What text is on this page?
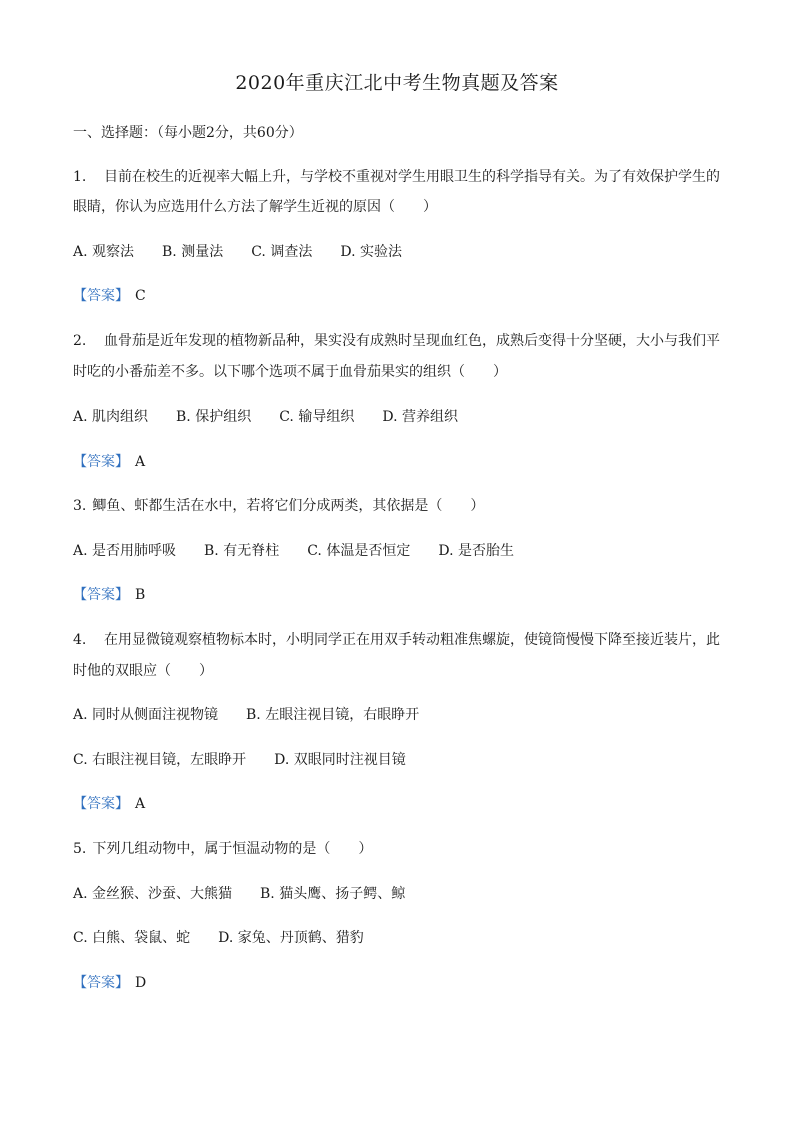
2020年重庆江北中考生物真题及答案
一、选择题：（每小题2分，共60分）
1. 目前在校生的近视率大幅上升，与学校不重视对学生用眼卫生的科学指导有关。为了有效保护学生的
眼睛，你认为应选用什么方法了解学生近视的原因（　　）
A. 观察法 B. 测量法 C. 调查法 D. 实验法
【答案】 C
2. 血骨茄是近年发现的植物新品种，果实没有成熟时呈现血红色，成熟后变得十分坚硬，大小与我们平
时吃的小番茄差不多。以下哪个选项不属于血骨茄果实的组织（　　）
A. 肌肉组织 B. 保护组织 C. 输导组织 D. 营养组织
【答案】 A
3. 鲫鱼、虾都生活在水中，若将它们分成两类，其依据是（　　）
A. 是否用肺呼吸 B. 有无脊柱 C. 体温是否恒定 D. 是否胎生
【答案】 B
4. 在用显微镜观察植物标本时，小明同学正在用双手转动粗准焦螺旋，使镜筒慢慢下降至接近装片，此
时他的双眼应（　　）
A. 同时从侧面注视物镜 B. 左眼注视目镜，右眼睁开
C. 右眼注视目镜，左眼睁开 D. 双眼同时注视目镜
【答案】 A
5. 下列几组动物中，属于恒温动物的是（　　）
A. 金丝猴、沙蚕、大熊猫 B. 猫头鹰、扬子鳄、鲸
C. 白熊、袋鼠、蛇 D. 家兔、丹顶鹤、猎豹
【答案】 D
